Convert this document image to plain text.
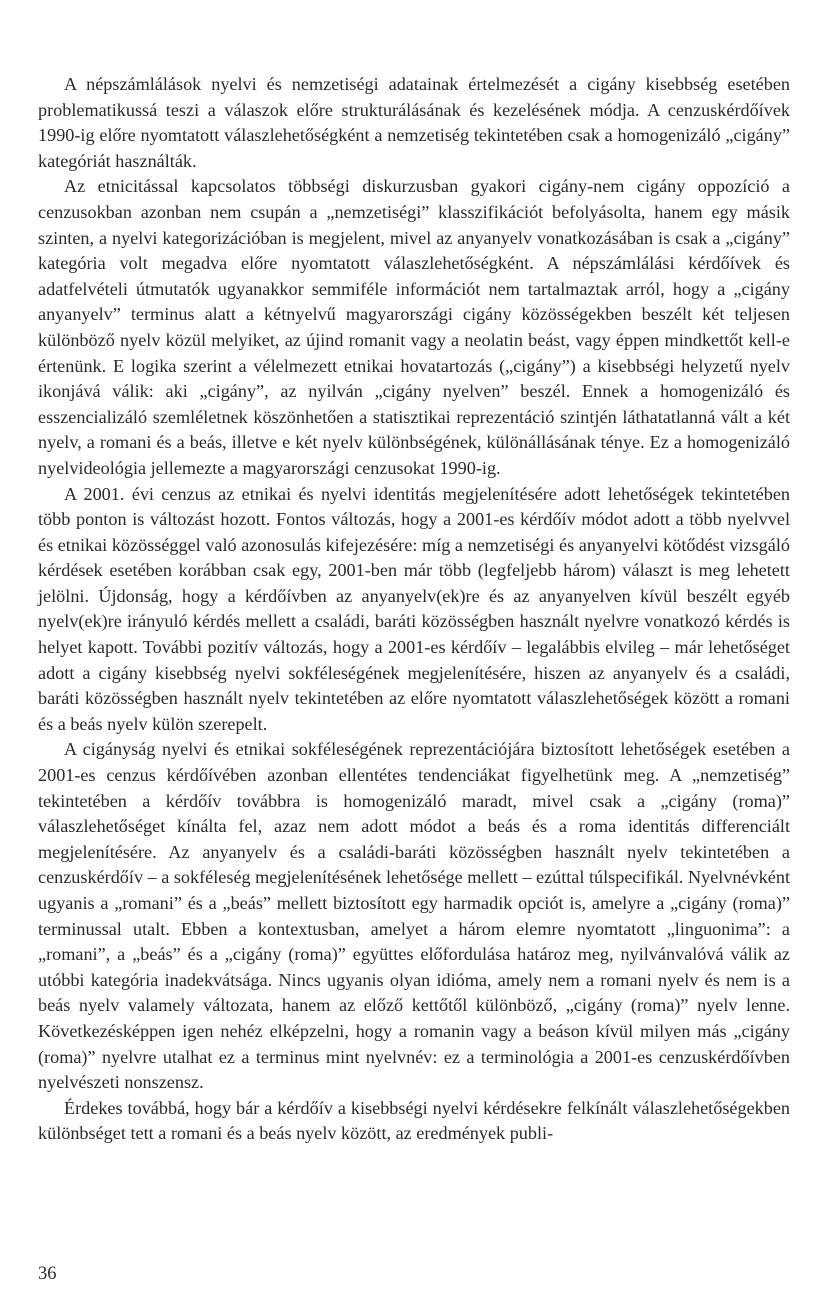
A népszámlálások nyelvi és nemzetiségi adatainak értelmezését a cigány kisebbség esetében problematikussá teszi a válaszok előre strukturálásának és kezelésének módja. A cenzuskérdőívek 1990-ig előre nyomtatott válaszlehetőségként a nemzetiség tekintetében csak a homogenizáló „cigány” kategóriát használták.

Az etnicitással kapcsolatos többségi diskurzusban gyakori cigány-nem cigány oppozíció a cenzusokban azonban nem csupán a „nemzetiségi” klasszifikációt befolyásolta, hanem egy másik szinten, a nyelvi kategorizációban is megjelent, mivel az anyanyelv vonatkozásában is csak a „cigány” kategória volt megadva előre nyomtatott válaszlehetőségként. A népszámlálási kérdőívek és adatfelvételi útmutatók ugyanakkor semmiféle információt nem tartalmaztak arról, hogy a „cigány anyanyelv” terminus alatt a kétnyelvű magyarországi cigány közösségekben beszélt két teljesen különböző nyelv közül melyiket, az újind romanit vagy a neolatin beást, vagy éppen mindkettőt kell-e értenünk. E logika szerint a vélelmezett etnikai hovatartozás („cigány”) a kisebbségi helyzetű nyelv ikonjává válik: aki „cigány”, az nyilván „cigány nyelven” beszél. Ennek a homogenizáló és esszencializáló szemléletnek köszönhetően a statisztikai reprezentáció szintjén láthatatlanná vált a két nyelv, a romani és a beás, illetve e két nyelv különbségének, különállásának ténye. Ez a homogenizáló nyelvideológia jellemezte a magyarországi cenzusokat 1990-ig.

A 2001. évi cenzus az etnikai és nyelvi identitás megjelenítésére adott lehetőségek tekintetében több ponton is változást hozott. Fontos változás, hogy a 2001-es kérdőív módot adott a több nyelvvel és etnikai közösséggel való azonosulás kifejezésére: míg a nemzetiségi és anyanyelvi kötődést vizsgáló kérdések esetében korábban csak egy, 2001-ben már több (legfeljebb három) választ is meg lehetett jelölni. Újdonság, hogy a kérdőívben az anyanyelv(ek)re és az anyanyelven kívül beszélt egyéb nyelv(ek)re irányuló kérdés mellett a családi, baráti közösségben használt nyelvre vonatkozó kérdés is helyet kapott. További pozitív változás, hogy a 2001-es kérdőív – legalábbis elvileg – már lehetőséget adott a cigány kisebbség nyelvi sokféleségének megjelenítésére, hiszen az anyanyelv és a családi, baráti közösségben használt nyelv tekintetében az előre nyomtatott válaszlehetőségek között a romani és a beás nyelv külön szerepelt.

A cigányság nyelvi és etnikai sokféleségének reprezentációjára biztosított lehetőségek esetében a 2001-es cenzus kérdőívében azonban ellentétes tendenciákat figyelhetünk meg. A „nemzetiség” tekintetében a kérdőív továbbra is homogenizáló maradt, mivel csak a „cigány (roma)” válaszlehetőséget kínálta fel, azaz nem adott módot a beás és a roma identitás differenciált megjelenítésére. Az anyanyelv és a családi-baráti közösségben használt nyelv tekintetében a cenzuskérdőív – a sokféleség megjelenítésének lehetősége mellett – ezúttal túlspecifikál. Nyelvnévként ugyanis a „romani” és a „beás” mellett biztosított egy harmadik opciót is, amelyre a „cigány (roma)” terminussal utalt. Ebben a kontextusban, amelyet a három elemre nyomtatott „linguonima”: a „romani”, a „beás” és a „cigány (roma)” együttes előfordulása határoz meg, nyilvánvalóvá válik az utóbbi kategória inadekvátsága. Nincs ugyanis olyan idióma, amely nem a romani nyelv és nem is a beás nyelv valamely változata, hanem az előző kettőtől különböző, „cigány (roma)” nyelv lenne. Következésképpen igen nehéz elképzelni, hogy a romanin vagy a beáson kívül milyen más „cigány (roma)” nyelvre utalhat ez a terminus mint nyelvnév: ez a terminológia a 2001-es cenzuskérdőívben nyelvészeti nonszensz.

Érdekes továbbá, hogy bár a kérdőív a kisebbségi nyelvi kérdésekre felkínált válaszlehetőségekben különbséget tett a romani és a beás nyelv között, az eredmények publi-

36
